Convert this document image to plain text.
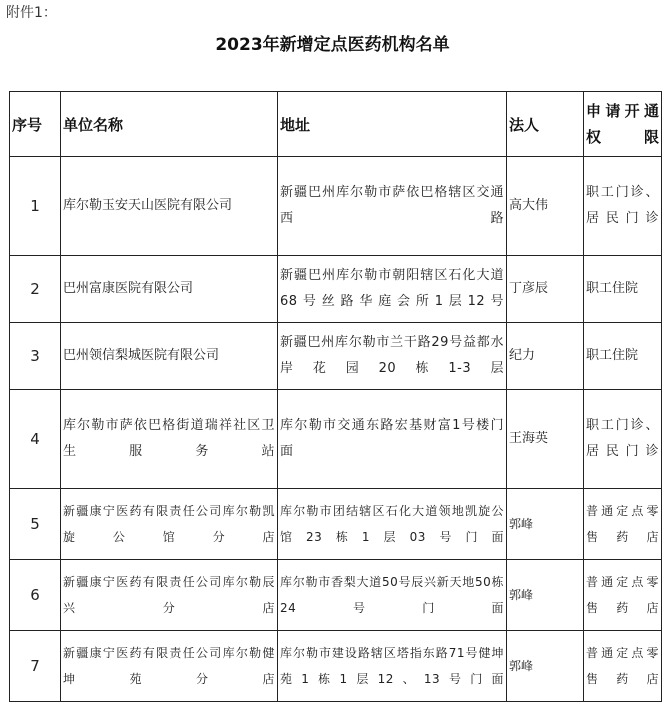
附件1：
2023年新增定点医药机构名单
序号	单位名称	地址	法人	申请开通权限
1	库尔勒玉安天山医院有限公司	新疆巴州库尔勒市萨依巴格辖区交通西路	高大伟	职工门诊、居民门诊
2	巴州富康医院有限公司	新疆巴州库尔勒市朝阳辖区石化大道68号丝路华庭会所1层12号	丁彦辰	职工住院
3	巴州领信梨城医院有限公司	新疆巴州库尔勒市兰干路29号益都水岸花园20栋1-3层	纪力	职工住院
4	库尔勒市萨依巴格街道瑞祥社区卫生服务站	库尔勒市交通东路宏基财富1号楼门面	王海英	职工门诊、居民门诊
5	新疆康宁医药有限责任公司库尔勒凯旋公馆分店	库尔勒市团结辖区石化大道领地凯旋公馆23栋1层03号门面	郭峰	普通定点零售药店
6	新疆康宁医药有限责任公司库尔勒辰兴分店	库尔勒市香梨大道50号辰兴新天地50栋24号门面	郭峰	普通定点零售药店
7	新疆康宁医药有限责任公司库尔勒健坤苑分店	库尔勒市建设路辖区塔指东路71号健坤苑1栋1层12、13号门面	郭峰	普通定点零售药店
